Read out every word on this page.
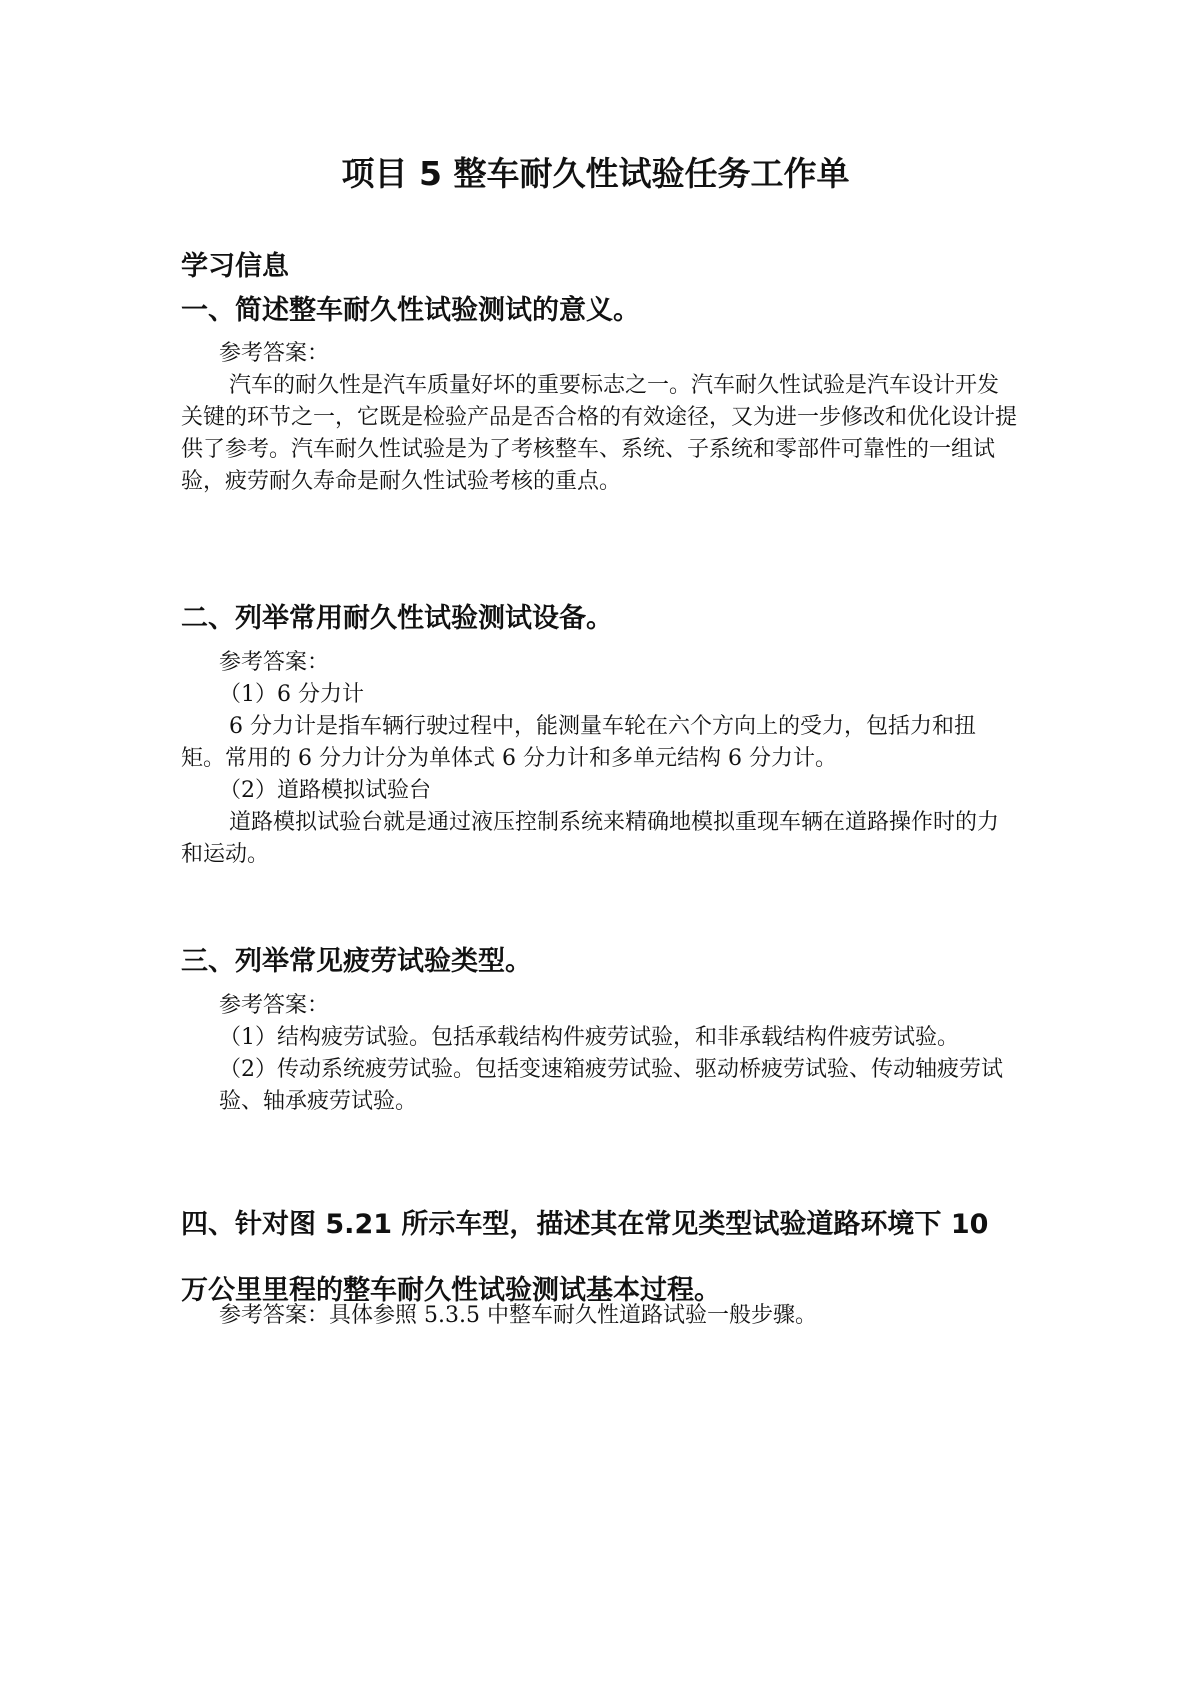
项目 5 整车耐久性试验任务工作单
学习信息
一、简述整车耐久性试验测试的意义。

参考答案：

汽车的耐久性是汽车质量好坏的重要标志之一。汽车耐久性试验是汽车设计开发关键的环节之一，它既是检验产品是否合格的有效途径，又为进一步修改和优化设计提供了参考。汽车耐久性试验是为了考核整车、系统、子系统和零部件可靠性的一组试验，疲劳耐久寿命是耐久性试验考核的重点。

二、列举常用耐久性试验测试设备。

参考答案：

（1）6 分力计

6 分力计是指车辆行驶过程中，能测量车轮在六个方向上的受力，包括力和扭矩。常用的 6 分力计分为单体式 6 分力计和多单元结构 6 分力计。

（2）道路模拟试验台

道路模拟试验台就是通过液压控制系统来精确地模拟重现车辆在道路操作时的力和运动。

三、列举常见疲劳试验类型。

参考答案：

（1）结构疲劳试验。包括承载结构件疲劳试验，和非承载结构件疲劳试验。

（2）传动系统疲劳试验。包括变速箱疲劳试验、驱动桥疲劳试验、传动轴疲劳试验、轴承疲劳试验。

四、针对图 5.21 所示车型，描述其在常见类型试验道路环境下 10 万公里里程的整车耐久性试验测试基本过程。

参考答案：具体参照 5.3.5 中整车耐久性道路试验一般步骤。
